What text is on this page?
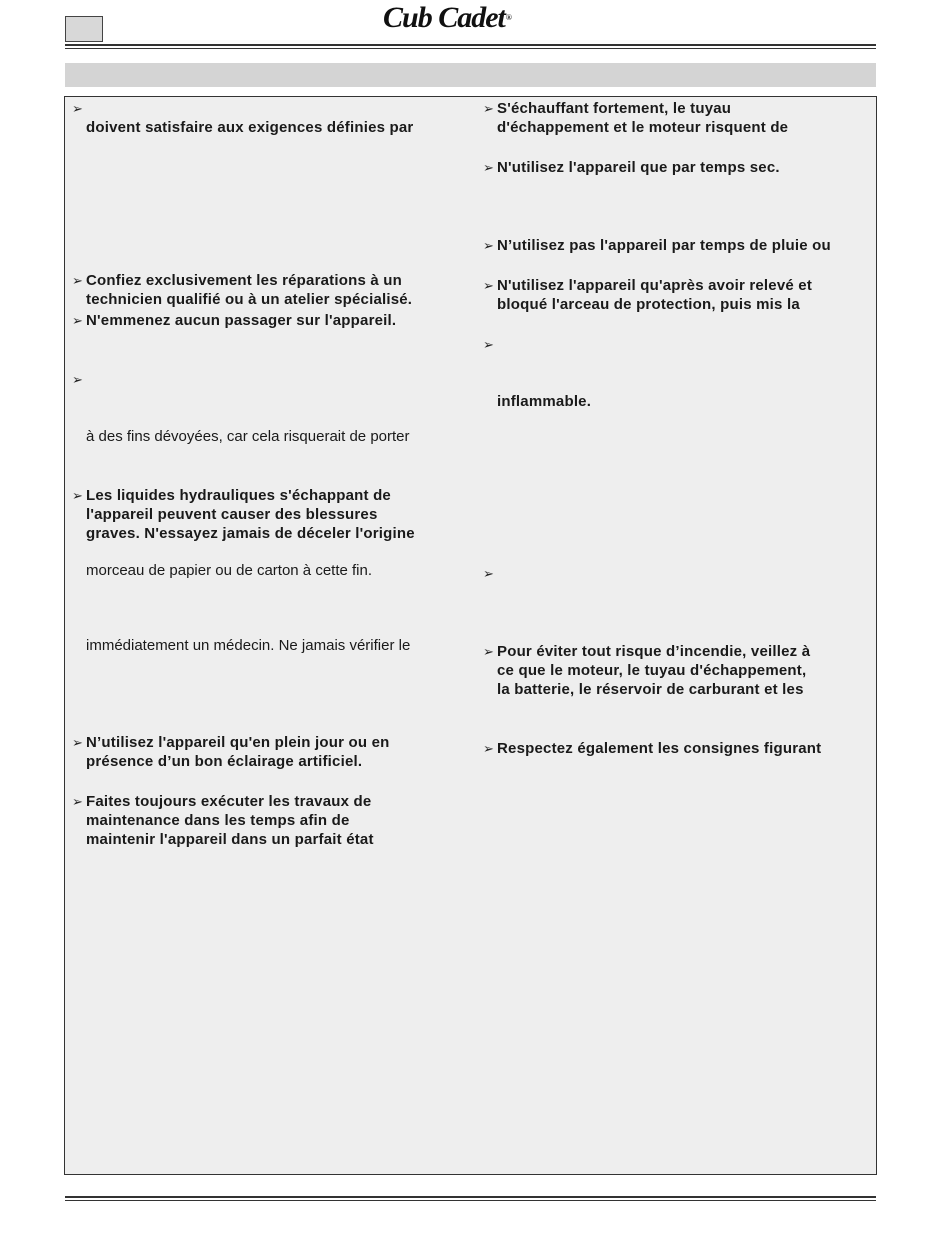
Cub Cadet®
➢
doivent satisfaire aux exigences définies par
➢ Confiez exclusivement les réparations à un
technicien qualifié ou à un atelier spécialisé.
➢ N'emmenez aucun passager sur l'appareil.
➢
à des fins dévoyées, car cela risquerait de porter
➢ Les liquides hydrauliques s'échappant de
l'appareil peuvent causer des blessures
graves. N'essayez jamais de déceler l'origine
morceau de papier ou de carton à cette fin.
immédiatement un médecin. Ne jamais vérifier le
➢ N’utilisez l'appareil qu'en plein jour ou en
présence d’un bon éclairage artificiel.
➢ Faites toujours exécuter les travaux de
maintenance dans les temps afin de
maintenir l'appareil dans un parfait état
➢ S'échauffant fortement, le tuyau
d'échappement et le moteur risquent de
➢ N'utilisez l'appareil que par temps sec.
➢ N’utilisez pas l'appareil par temps de pluie ou
➢ N'utilisez l'appareil qu'après avoir relevé et
bloqué l'arceau de protection, puis mis la
➢
inflammable.
➢
➢ Pour éviter tout risque d’incendie, veillez à
ce que le moteur, le tuyau d'échappement,
la batterie, le réservoir de carburant et les
➢ Respectez également les consignes figurant
